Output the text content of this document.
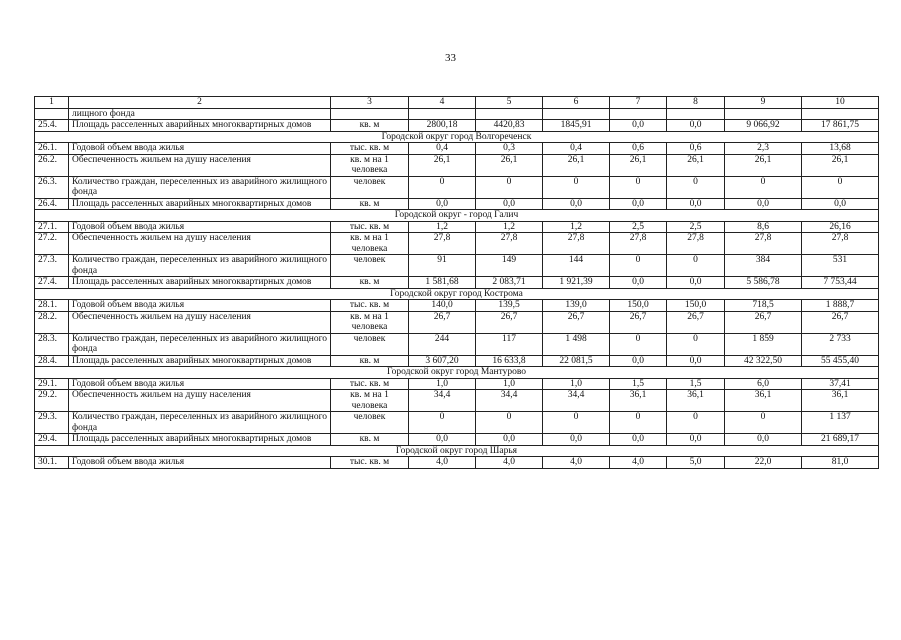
33
1	2	3	4	5	6	7	8	9	10
	лищного фонда								
25.4.	Площадь расселенных аварийных многоквартирных домов	кв. м	2800,18	4420,83	1845,91	0,0	0,0	9 066,92	17 861,75
Городской округ город Волгореченск									
26.1.	Годовой объем ввода жилья	тыс. кв. м	0,4	0,3	0,4	0,6	0,6	2,3	13,68
26.2.	Обеспеченность жильем на душу населения	кв. м на 1 человека	26,1	26,1	26,1	26,1	26,1	26,1	26,1
26.3.	Количество граждан, переселенных из аварийного жилищного фонда	человек	0	0	0	0	0	0	0
26.4.	Площадь расселенных аварийных многоквартирных домов	кв. м	0,0	0,0	0,0	0,0	0,0	0,0	0,0
Городской округ - город Галич									
27.1.	Годовой объем ввода жилья	тыс. кв. м	1,2	1,2	1,2	2,5	2,5	8,6	26,16
27.2.	Обеспеченность жильем на душу населения	кв. м на 1 человека	27,8	27,8	27,8	27,8	27,8	27,8	27,8
27.3.	Количество граждан, переселенных из аварийного жилищного фонда	человек	91	149	144	0	0	384	531
27.4.	Площадь расселенных аварийных многоквартирных домов	кв. м	1 581,68	2 083,71	1 921,39	0,0	0,0	5 586,78	7 753,44
Городской округ город Кострома									
28.1.	Годовой объем ввода жилья	тыс. кв. м	140,0	139,5	139,0	150,0	150,0	718,5	1 888,7
28.2.	Обеспеченность жильем на душу населения	кв. м на 1 человека	26,7	26,7	26,7	26,7	26,7	26,7	26,7
28.3.	Количество граждан, переселенных из аварийного жилищного фонда	человек	244	117	1 498	0	0	1 859	2 733
28.4.	Площадь расселенных аварийных многоквартирных домов	кв. м	3 607,20	16 633,8	22 081,5	0,0	0,0	42 322,50	55 455,40
Городской округ город Мантурово									
29.1.	Годовой объем ввода жилья	тыс. кв. м	1,0	1,0	1,0	1,5	1,5	6,0	37,41
29.2.	Обеспеченность жильем на душу населения	кв. м на 1 человека	34,4	34,4	34,4	36,1	36,1	36,1	36,1
29.3.	Количество граждан, переселенных из аварийного жилищного фонда	человек	0	0	0	0	0	0	1 137
29.4.	Площадь расселенных аварийных многоквартирных домов	кв. м	0,0	0,0	0,0	0,0	0,0	0,0	21 689,17
Городской округ город Шарья									
30.1.	Годовой объем ввода жилья	тыс. кв. м	4,0	4,0	4,0	4,0	5,0	22,0	81,0
